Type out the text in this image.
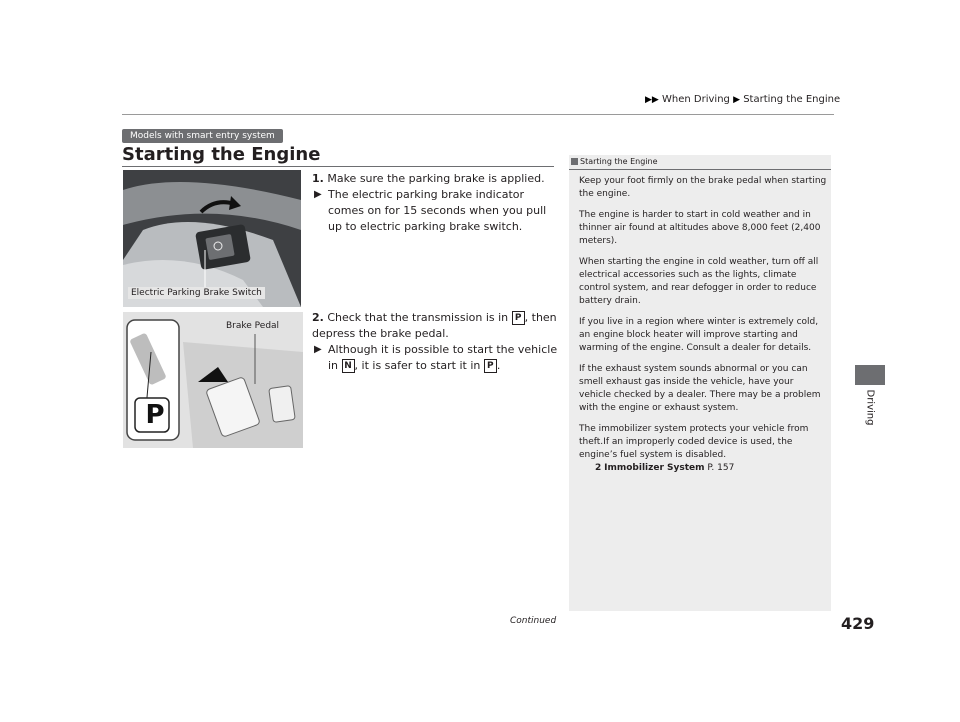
▶▶ When Driving ▶ Starting the Engine
Driving
Models with smart entry system
Starting the Engine
Electric Parking Brake Switch
P
Brake Pedal
1. Make sure the parking brake is applied.
▶ The electric parking brake indicator comes on for 15 seconds when you pull up to electric parking brake switch.
2. Check that the transmission is in P , then depress the brake pedal.
▶ Although it is possible to start the vehicle in N , it is safer to start it in P .
Starting the Engine

Keep your foot firmly on the brake pedal when starting the engine.

The engine is harder to start in cold weather and in thinner air found at altitudes above 8,000 feet (2,400 meters).

When starting the engine in cold weather, turn off all electrical accessories such as the lights, climate control system, and rear defogger in order to reduce battery drain.

If you live in a region where winter is extremely cold, an engine block heater will improve starting and warming of the engine. Consult a dealer for details.

If the exhaust system sounds abnormal or you can smell exhaust gas inside the vehicle, have your vehicle checked by a dealer. There may be a problem with the engine or exhaust system.

The immobilizer system protects your vehicle from theft.If an improperly coded device is used, the engine’s fuel system is disabled.

2 Immobilizer System P. 157
Continued	429
